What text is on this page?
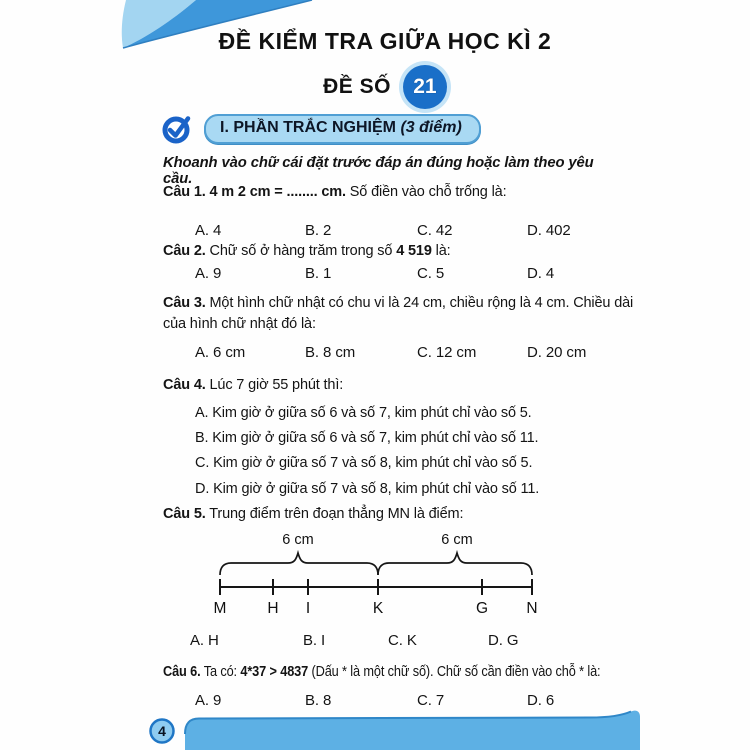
ĐỀ KIỂM TRA GIỮA HỌC KÌ 2
ĐỀ SỐ	21
I. PHẦN TRẮC NGHIỆM (3 điểm)
Khoanh vào chữ cái đặt trước đáp án đúng hoặc làm theo yêu cầu.
Câu 1. 4 m 2 cm = ........ cm. Số điền vào chỗ trống là:
A. 4	B. 2	C. 42	D. 402
Câu 2. Chữ số ở hàng trăm trong số 4 519 là:
A. 9	B. 1	C. 5	D. 4
Câu 3. Một hình chữ nhật có chu vi là 24 cm, chiều rộng là 4 cm. Chiều dài của hình chữ nhật đó là:
A. 6 cm	B. 8 cm	C. 12 cm	D. 20 cm
Câu 4. Lúc 7 giờ 55 phút thì:
A. Kim giờ ở giữa số 6 và số 7, kim phút chỉ vào số 5.
B. Kim giờ ở giữa số 6 và số 7, kim phút chỉ vào số 11.
C. Kim giờ ở giữa số 7 và số 8, kim phút chỉ vào số 5.
D. Kim giờ ở giữa số 7 và số 8, kim phút chỉ vào số 11.
Câu 5. Trung điểm trên đoạn thẳng MN là điểm:
6 cm	6 cm
M	H I	K	G N
A. H	B. I	C. K	D. G
Câu 6. Ta có: 4*37 > 4837 (Dấu * là một chữ số). Chữ số cần điền vào chỗ * là:
A. 9	B. 8	C. 7	D. 6
4
